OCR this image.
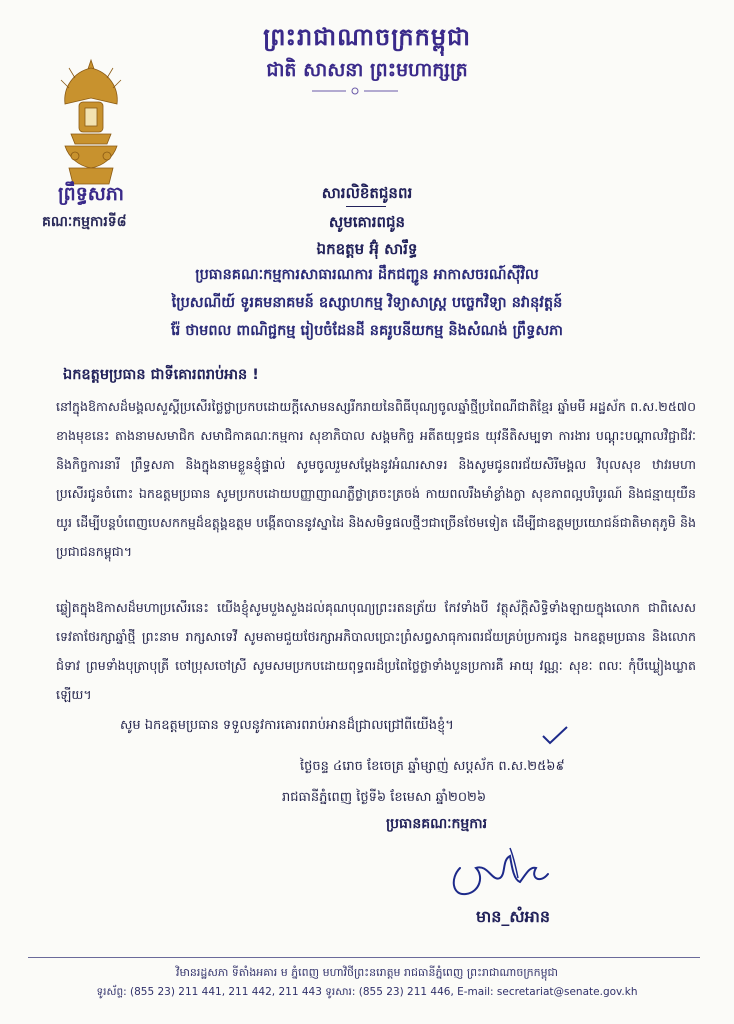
ព្រះរាជាណាចក្រកម្ពុជា
ជាតិ សាសនា ព្រះមហាក្សត្រ
ព្រឹទ្ធសភា
គណៈកម្មការទី៨
សារលិខិតជូនពរ
សូមគោរពជូន
ឯកឧត្តម អ៊ុំ សារឹទ្ធ
ប្រធានគណៈកម្មការសាធារណការ ដឹកជញ្ជូន អាកាសចរណ៍ស៊ីវិល
ប្រៃសណីយ៍ ទូរគមនាគមន៍ ឧស្សាហកម្ម វិទ្យាសាស្ត្រ បច្ចេកវិទ្យា នវានុវត្តន៍
រ៉ែ ថាមពល ពាណិជ្ជកម្ម រៀបចំដែនដី នគរូបនីយកម្ម និងសំណង់ ព្រឹទ្ធសភា
ឯកឧត្តមប្រធាន ជាទីគោរពរាប់អាន !
នៅក្នុងឱកាសដ៏មង្គលសួស្តីប្រសើរថ្លៃថ្លាប្រកបដោយក្តីសោមនស្សរីករាយនៃពិធីបុណ្យចូលឆ្នាំថ្មីប្រពៃណីជាតិខ្មែរ ឆ្នាំមមី អដ្ឋស័ក ព.ស.២៥៧០ ខាងមុខនេះ តាងនាមសមាជិក សមាជិកាគណៈកម្មការ សុខាភិបាល សង្គមកិច្ច អតីតយុទ្ធជន យុវនីតិសម្បទា ការងារ បណ្តុះបណ្តាលវិជ្ជាជីវៈ និងកិច្ចការនារី ព្រឹទ្ធសភា និងក្នុងនាមខ្លួនខ្ញុំផ្ទាល់ សូមចូលរួមសម្តែងនូវអំណរសាទរ និងសូមជូនពរជ័យសិរីមង្គល វិបុលសុខ ឋាវរមហាប្រសើរជូនចំពោះ ឯកឧត្តមប្រធាន សូមប្រកបដោយបញ្ញាញាណភ្លឺថ្លាត្រចះត្រចង់ កាយពលរឹងមាំខ្លាំងក្លា សុខភាពល្អបរិបូរណ៍ និងជន្មាយុយឺនយូរ ដើម្បីបន្តបំពេញបេសកកម្មដ៏ឧត្តុង្គឧត្តម បង្កើតបាននូវស្នាដៃ និងសមិទ្ធផលថ្មីៗជាច្រើនថែមទៀត ដើម្បីជាឧត្តមប្រយោជន៍ជាតិមាតុភូមិ និងប្រជាជនកម្ពុជា។
ឆ្លៀតក្នុងឱកាសដ៏មហាប្រសើរនេះ យើងខ្ញុំសូមបួងសួងដល់គុណបុណ្យព្រះរតនត្រ័យ កែវទាំងបី វត្ថុស័ក្តិសិទ្ធិទាំងឡាយក្នុងលោក ជាពិសេសទេវតាថែរក្សាឆ្នាំថ្មី ព្រះនាម រាក្សសាទេវី សូមតាមជួយថែរក្សាអភិបាលប្រោះព្រំសព្វសាធុការពរជ័យគ្រប់ប្រការជូន ឯកឧត្តមប្រធាន និងលោកជំទាវ ព្រមទាំងបុត្រាបុត្រី ចៅប្រុសចៅស្រី សូមសមប្រកបដោយពុទ្ធពរដ៏ប្រពៃថ្លៃថ្លាទាំងបួនប្រការគឺ អាយុ វណ្ណៈ សុខៈ ពលៈ កុំបីឃ្លៀងឃ្លាតឡើយ។
សូម ឯកឧត្តមប្រធាន ទទួលនូវការគោរពរាប់អានដ៏ជ្រាលជ្រៅពីយើងខ្ញុំ។
ថ្ងៃចន្ទ ៤រោច ខែចេត្រ ឆ្នាំម្សាញ់ សប្តស័ក ព.ស.២៥៦៩
រាជធានីភ្នំពេញ ថ្ងៃទី៦ ខែមេសា ឆ្នាំ២០២៦
ប្រធានគណៈកម្មការ
មាន_សំអាន
វិមានរដ្ឋសភា ទីតាំងអគារ ម ភ្នំពេញ មហាវិថីព្រះនរោត្តម រាជធានីភ្នំពេញ ព្រះរាជាណាចក្រកម្ពុជា
ទូរស័ព្ទ: (855 23) 211 441, 211 442, 211 443 ទូរសារ: (855 23) 211 446, E-mail: secretariat@senate.gov.kh
